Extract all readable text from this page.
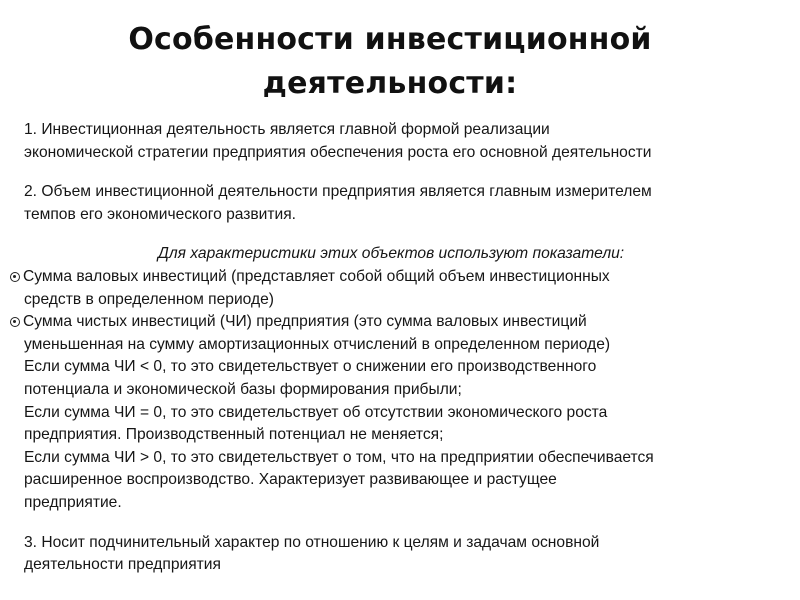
Особенности инвестиционной
деятельности:

1. Инвестиционная деятельность является главной формой реализации
экономической стратегии предприятия обеспечения роста его основной деятельности

2. Объем инвестиционной деятельности предприятия является главным измерителем
темпов его экономического развития.

Для характеристики этих объектов используют показатели:

Сумма валовых инвестиций (представляет собой общий объем инвестиционных
средств в определенном периоде)
Сумма чистых инвестиций (ЧИ) предприятия (это сумма валовых инвестиций
уменьшенная на сумму амортизационных отчислений в определенном периоде)

Если сумма ЧИ < 0, то это свидетельствует о снижении его производственного
потенциала и экономической базы формирования прибыли;

Если сумма ЧИ = 0, то это свидетельствует об отсутствии экономического роста
предприятия. Производственный потенциал не меняется;

Если сумма ЧИ > 0, то это свидетельствует о том, что на предприятии обеспечивается
расширенное воспроизводство. Характеризует развивающее и растущее
предприятие.

3. Носит подчинительный характер по отношению к целям и задачам основной
деятельности предприятия
